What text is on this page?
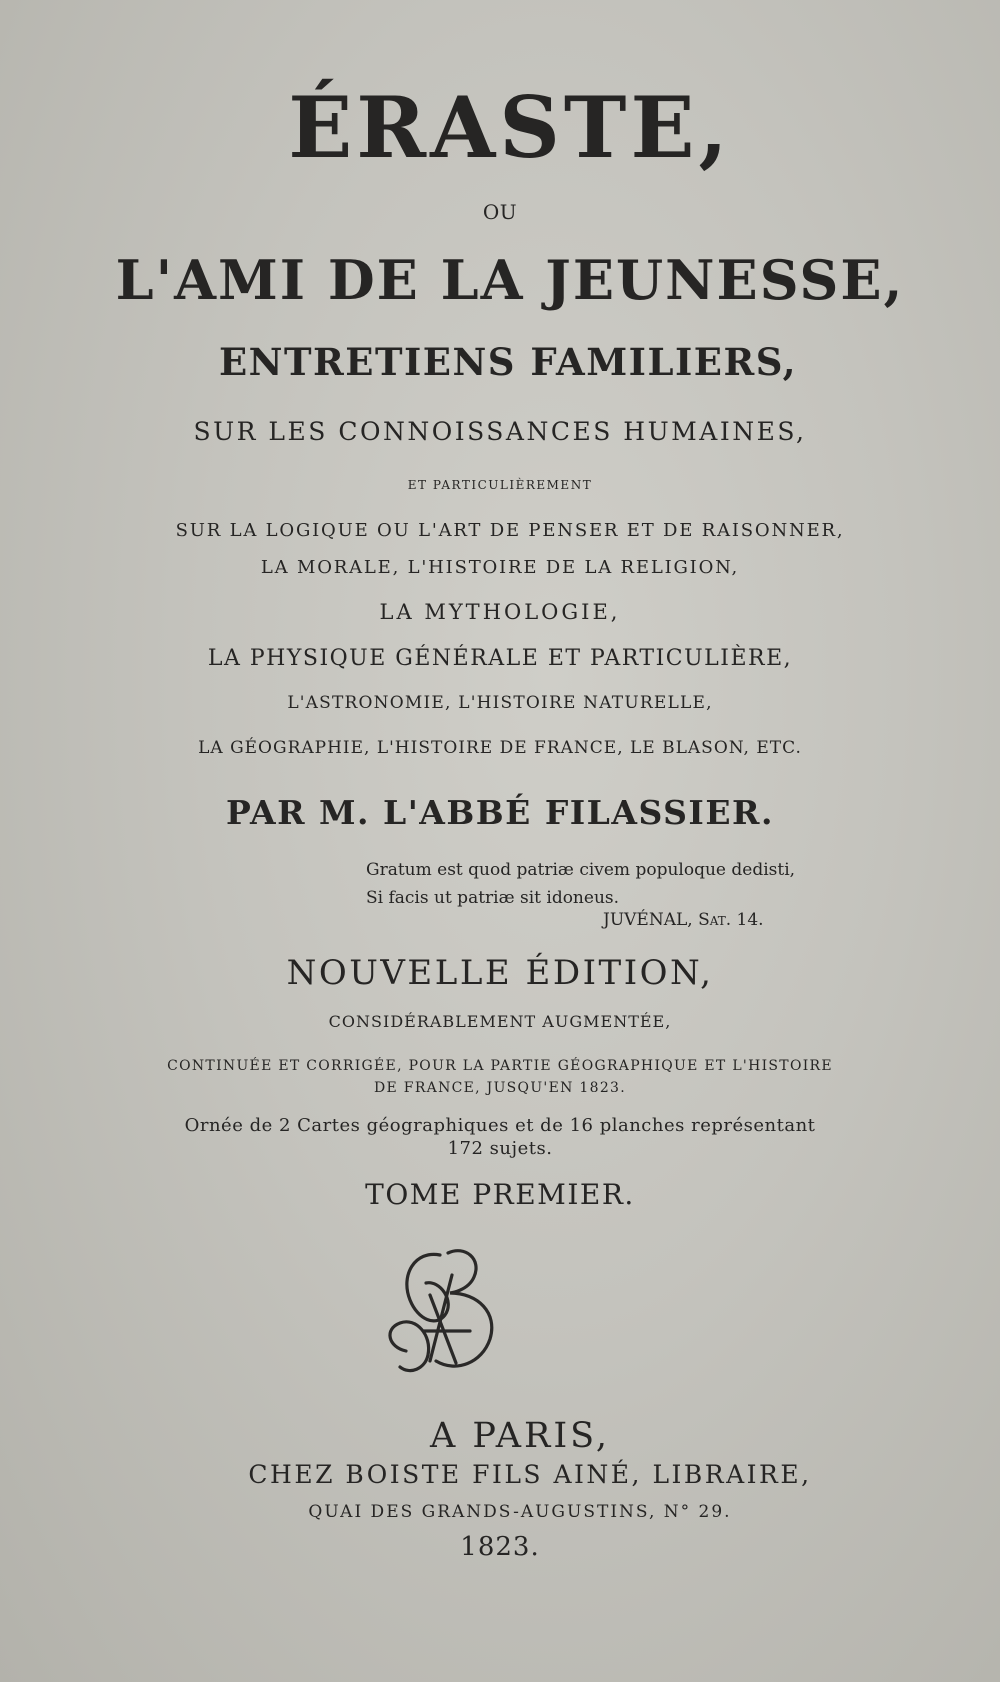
ÉRASTE,
OU
L'AMI DE LA JEUNESSE,
ENTRETIENS FAMILIERS,
SUR LES CONNOISSANCES HUMAINES,
ET PARTICULIÈREMENT
SUR LA LOGIQUE OU L'ART DE PENSER ET DE RAISONNER,
LA MORALE, L'HISTOIRE DE LA RELIGION,
LA MYTHOLOGIE,
LA PHYSIQUE GÉNÉRALE ET PARTICULIÈRE,
L'ASTRONOMIE, L'HISTOIRE NATURELLE,
LA GÉOGRAPHIE, L'HISTOIRE DE FRANCE, LE BLASON, ETC.
PAR M. L'ABBÉ FILASSIER.
Gratum est quod patriæ civem populoque dedisti,
Si facis ut patriæ sit idoneus.
JUVÉNAL, Sat. 14.
NOUVELLE ÉDITION,
CONSIDÉRABLEMENT AUGMENTÉE,
CONTINUÉE ET CORRIGÉE, POUR LA PARTIE GÉOGRAPHIQUE ET L'HISTOIRE
DE FRANCE, JUSQU'EN 1823.
Ornée de 2 Cartes géographiques et de 16 planches représentant
172 sujets.
TOME PREMIER.
AB
A PARIS,
CHEZ BOISTE FILS AINÉ, LIBRAIRE,
QUAI DES GRANDS-AUGUSTINS, N° 29.
1823.
